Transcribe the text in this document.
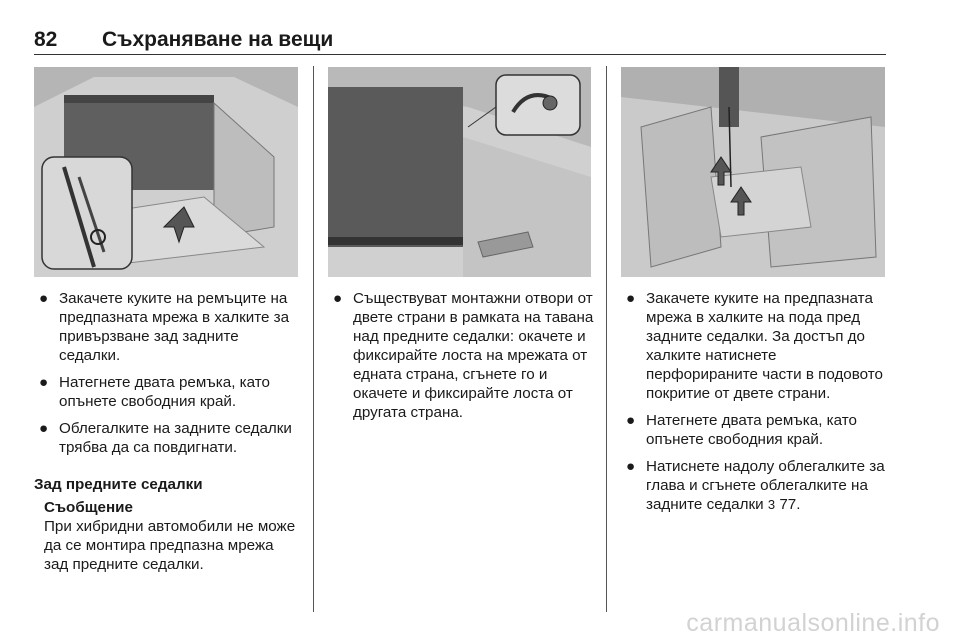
82 Съхраняване на вещи
● Закачете куките на ремъците на предпазната мрежа в халките за привързване зад задните седалки.
● Натегнете двата ремъка, като опънете свободния край.
● Облегалките на задните седалки трябва да са повдигнати.
Зад предните седалки
Съобщение
При хибридни автомобили не може да се монтира предпазна мрежа зад предните седалки.
● Съществуват монтажни отвори от двете страни в рамката на тавана над предните седалки: окачете и фиксирайте лоста на мрежата от едната страна, сгънете го и окачете и фиксирайте лоста от другата страна.
● Закачете куките на предпазната мрежа в халките на пода пред задните седалки. За достъп до халките натиснете перфорираните части в подовото покритие от двете страни.
● Натегнете двата ремъка, като опънете свободния край.
● Натиснете надолу облегалките за глава и сгънете облегалките на задните седалки 3 77.
carmanualsonline.info
